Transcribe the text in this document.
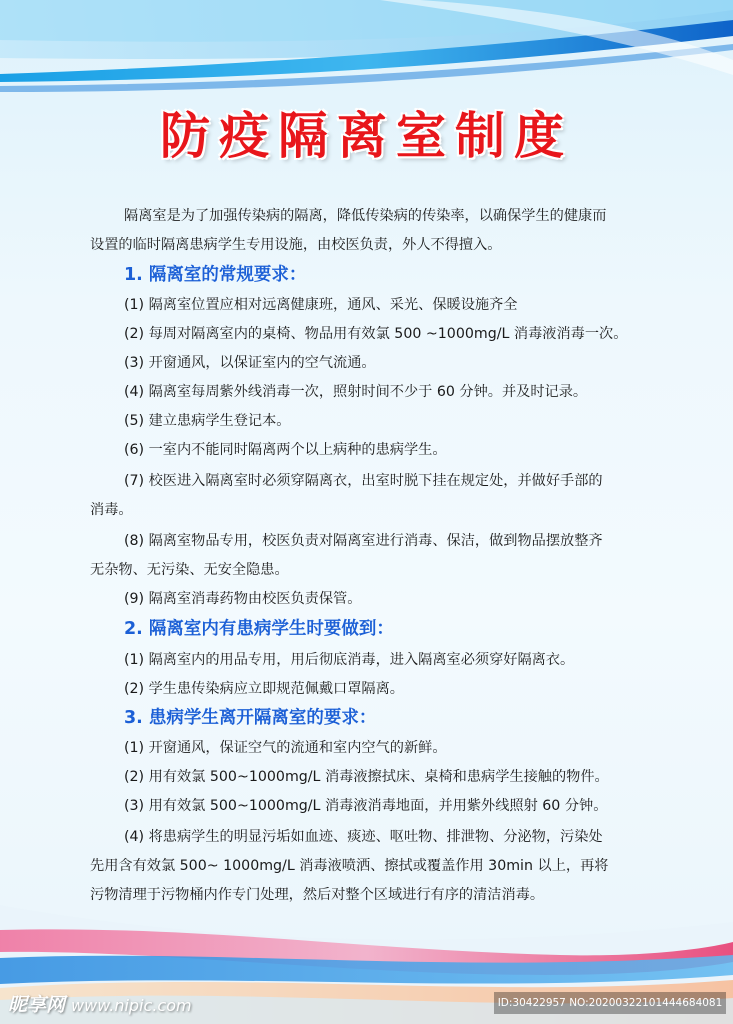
防疫隔离室制度
隔离室是为了加强传染病的隔离，降低传染病的传染率，以确保学生的健康而
设置的临时隔离患病学生专用设施，由校医负责，外人不得擅入。
1. 隔离室的常规要求：
(1) 隔离室位置应相对远离健康班，通风、采光、保暖设施齐全
(2) 每周对隔离室内的桌椅、物品用有效氯 500 ~1000mg/L 消毒液消毒一次。
(3) 开窗通风，以保证室内的空气流通。
(4) 隔离室每周紫外线消毒一次，照射时间不少于 60 分钟。并及时记录。
(5) 建立患病学生登记本。
(6) 一室内不能同时隔离两个以上病种的患病学生。
(7) 校医进入隔离室时必须穿隔离衣，出室时脱下挂在规定处，并做好手部的
消毒。
(8) 隔离室物品专用，校医负责对隔离室进行消毒、保洁，做到物品摆放整齐
无杂物、无污染、无安全隐患。
(9) 隔离室消毒药物由校医负责保管。
2. 隔离室内有患病学生时要做到：
(1) 隔离室内的用品专用，用后彻底消毒，进入隔离室必须穿好隔离衣。
(2) 学生患传染病应立即规范佩戴口罩隔离。
3. 患病学生离开隔离室的要求：
(1) 开窗通风，保证空气的流通和室内空气的新鲜。
(2) 用有效氯 500~1000mg/L 消毒液擦拭床、桌椅和患病学生接触的物件。
(3) 用有效氯 500~1000mg/L 消毒液消毒地面，并用紫外线照射 60 分钟。
(4) 将患病学生的明显污垢如血迹、痰迹、呕吐物、排泄物、分泌物，污染处
先用含有效氯 500~ 1000mg/L 消毒液喷洒、擦拭或覆盖作用 30min 以上，再将
污物清理于污物桶内作专门处理，然后对整个区域进行有序的清洁消毒。
昵享网 www.nipic.com	ID:30422957 NO:20200322101444684081
